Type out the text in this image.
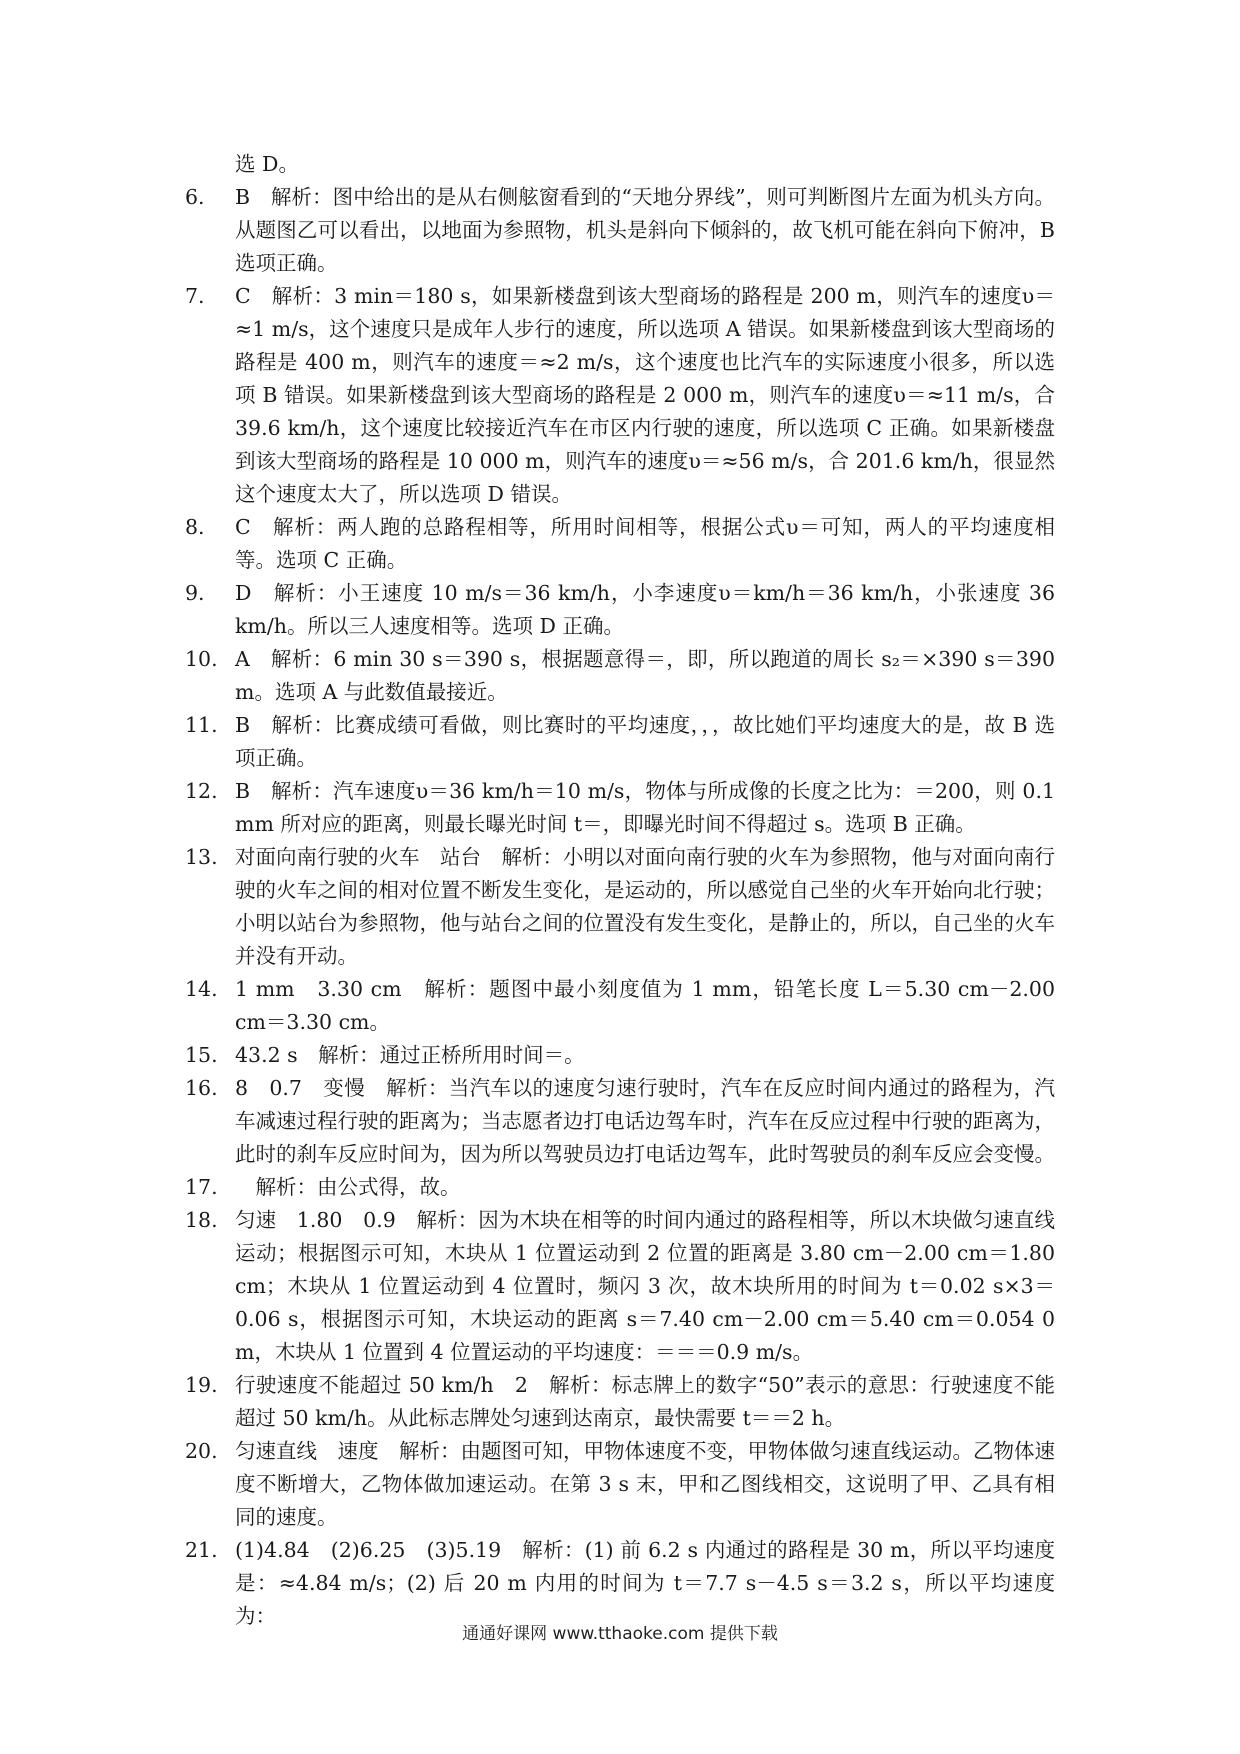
选 D。

6.	B　解析：图中给出的是从右侧舷窗看到的“天地分界线”，则可判断图片左面为机头方向。从题图乙可以看出，以地面为参照物，机头是斜向下倾斜的，故飞机可能在斜向下俯冲，B 选项正确。

7.	C　解析：3 min＝180 s，如果新楼盘到该大型商场的路程是 200 m，则汽车的速度υ＝≈1 m/s，这个速度只是成年人步行的速度，所以选项 A 错误。如果新楼盘到该大型商场的路程是 400 m，则汽车的速度＝≈2 m/s，这个速度也比汽车的实际速度小很多，所以选项 B 错误。如果新楼盘到该大型商场的路程是 2 000 m，则汽车的速度υ＝≈11 m/s，合 39.6 km/h，这个速度比较接近汽车在市区内行驶的速度，所以选项 C 正确。如果新楼盘到该大型商场的路程是 10 000 m，则汽车的速度υ＝≈56 m/s，合 201.6 km/h，很显然这个速度太大了，所以选项 D 错误。

8.	C　解析：两人跑的总路程相等，所用时间相等，根据公式υ＝可知，两人的平均速度相等。选项 C 正确。

9.	D　解析：小王速度 10 m/s＝36 km/h，小李速度υ＝km/h＝36 km/h，小张速度 36 km/h。所以三人速度相等。选项 D 正确。

10. A　解析：6 min 30 s＝390 s，根据题意得＝，即，所以跑道的周长 s₂＝×390 s＝390 m。选项 A 与此数值最接近。

11. B　解析：比赛成绩可看做，则比赛时的平均速度，，，故比她们平均速度大的是，故 B 选项正确。

12. B　解析：汽车速度υ＝36 km/h＝10 m/s，物体与所成像的长度之比为：＝200，则 0.1 mm 所对应的距离，则最长曝光时间 t＝，即曝光时间不得超过 s。选项 B 正确。

13. 对面向南行驶的火车　站台　解析：小明以对面向南行驶的火车为参照物，他与对面向南行驶的火车之间的相对位置不断发生变化，是运动的，所以感觉自己坐的火车开始向北行驶；小明以站台为参照物，他与站台之间的位置没有发生变化，是静止的，所以，自己坐的火车并没有开动。

14. 1 mm　3.30 cm　解析：题图中最小刻度值为 1 mm，铅笔长度 L＝5.30 cm－2.00 cm＝3.30 cm。

15. 43.2 s　解析：通过正桥所用时间＝。

16. 8　0.7　变慢　解析：当汽车以的速度匀速行驶时，汽车在反应时间内通过的路程为，汽车减速过程行驶的距离为；当志愿者边打电话边驾车时，汽车在反应过程中行驶的距离为，此时的刹车反应时间为，因为所以驾驶员边打电话边驾车，此时驾驶员的刹车反应会变慢。

17. 　解析：由公式得，故。

18. 匀速　1.80　0.9　解析：因为木块在相等的时间内通过的路程相等，所以木块做匀速直线运动；根据图示可知，木块从 1 位置运动到 2 位置的距离是 3.80 cm－2.00 cm＝1.80 cm；木块从 1 位置运动到 4 位置时，频闪 3 次，故木块所用的时间为 t＝0.02 s×3＝0.06 s，根据图示可知，木块运动的距离 s＝7.40 cm－2.00 cm＝5.40 cm＝0.054 0 m，木块从 1 位置到 4 位置运动的平均速度：＝＝＝0.9 m/s。

19. 行驶速度不能超过 50 km/h　2　解析：标志牌上的数字“50”表示的意思：行驶速度不能超过 50 km/h。从此标志牌处匀速到达南京，最快需要 t＝＝2 h。

20. 匀速直线　速度　解析：由题图可知，甲物体速度不变，甲物体做匀速直线运动。乙物体速度不断增大，乙物体做加速运动。在第 3 s 末，甲和乙图线相交，这说明了甲、乙具有相同的速度。

21. (1)4.84　(2)6.25　(3)5.19　解析：(1) 前 6.2 s 内通过的路程是 30 m，所以平均速度是：≈4.84 m/s；(2) 后 20 m 内用的时间为 t＝7.7 s－4.5 s＝3.2 s，所以平均速度为：

通通好课网 www.tthaoke.com 提供下载
